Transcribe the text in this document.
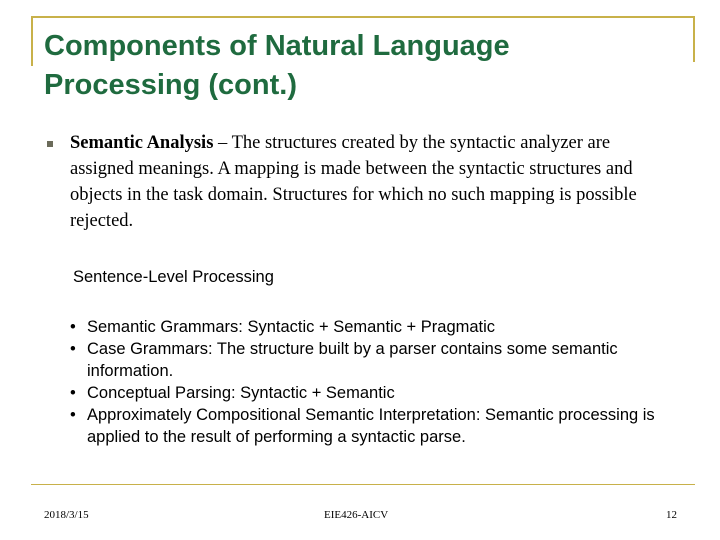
Components of Natural Language
Processing (cont.)

Semantic Analysis – The structures created by the syntactic analyzer are assigned meanings. A mapping is made between the syntactic structures and objects in the task domain. Structures for which no such mapping is possible rejected.

Sentence-Level Processing

• Semantic Grammars: Syntactic + Semantic + Pragmatic
• Case Grammars: The structure built by a parser contains some semantic information.
• Conceptual Parsing: Syntactic + Semantic
• Approximately Compositional Semantic Interpretation: Semantic processing is applied to the result of performing a syntactic parse.
2018/3/15	EIE426-AICV	12
